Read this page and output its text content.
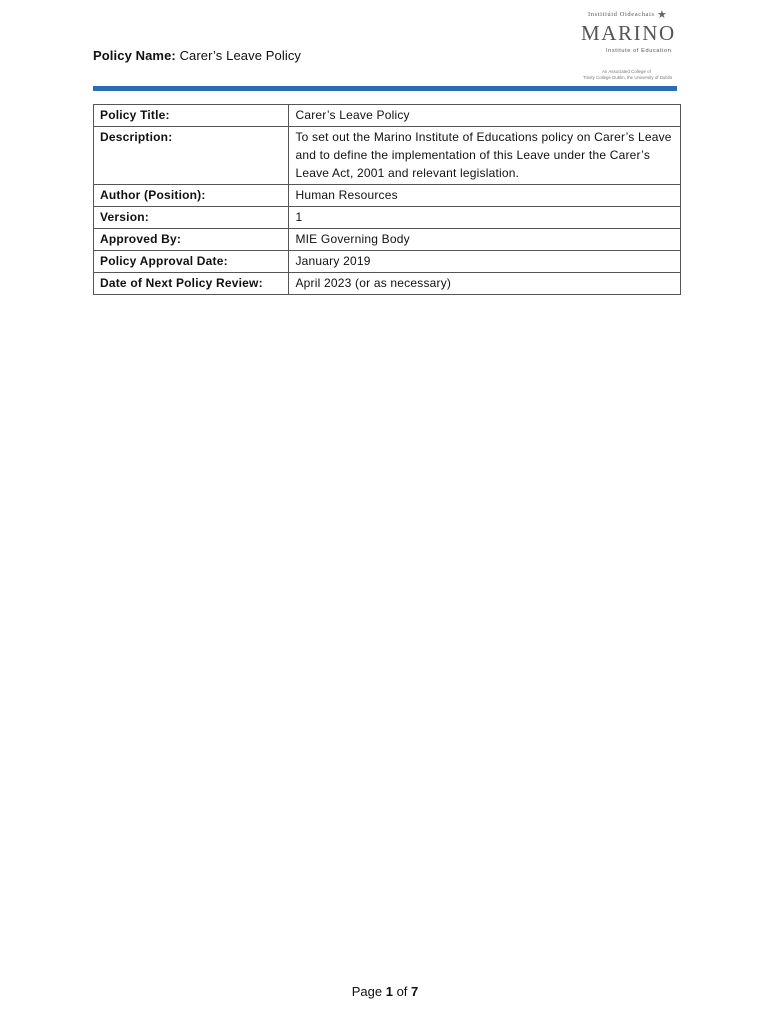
Policy Name: Carer’s Leave Policy
Institiúid Oideachais ★
MARINO
Institute of Education
An Associated College of
Trinity College Dublin, the University of Dublin
Policy Title:	Carer’s Leave Policy
Description:	To set out the Marino Institute of Educations policy on Carer’s Leave and to define the implementation of this Leave under the Carer’s Leave Act, 2001 and relevant legislation.
Author (Position):	Human Resources
Version:	1
Approved By:	MIE Governing Body
Policy Approval Date:	January 2019
Date of Next Policy Review:	April 2023 (or as necessary)
Page 1 of 7
